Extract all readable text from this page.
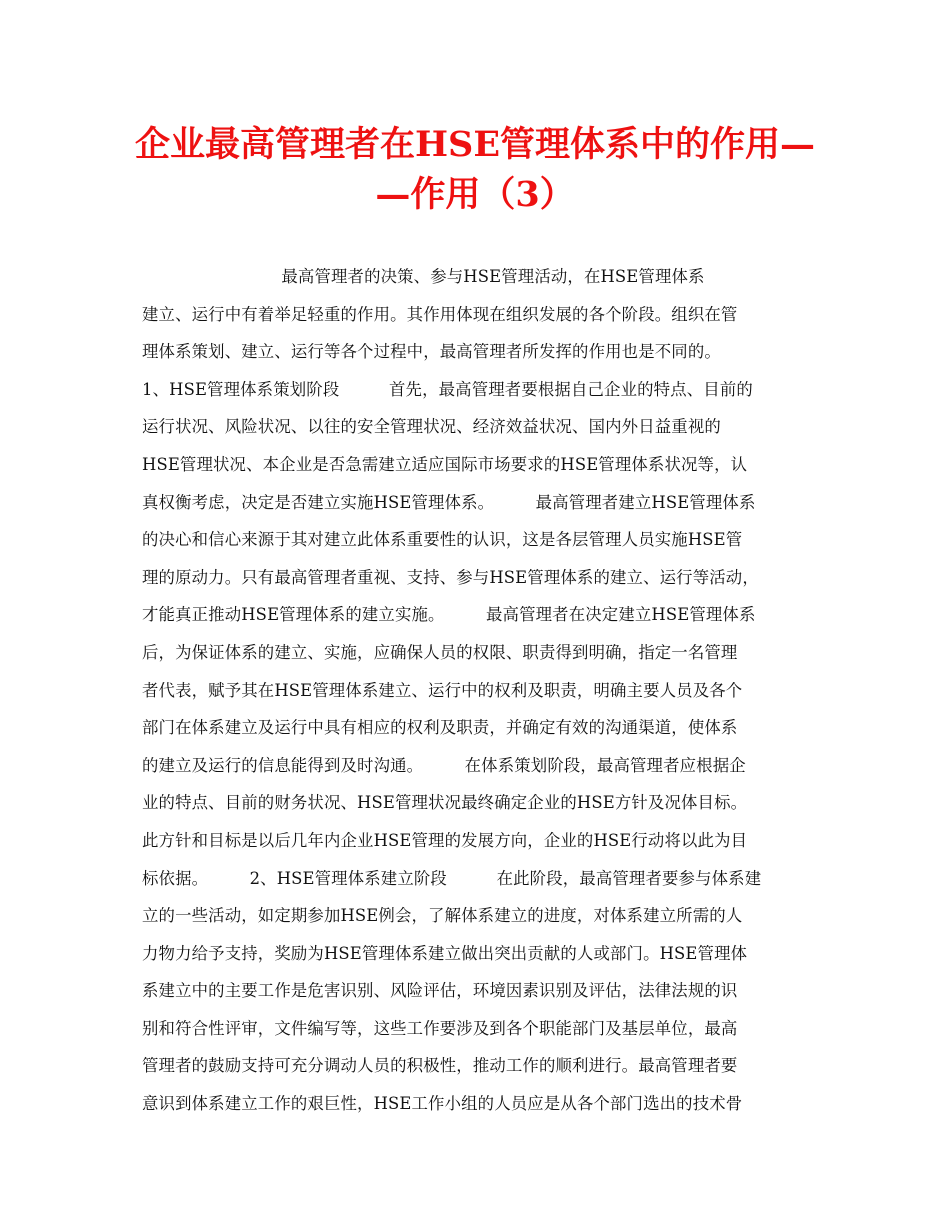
企业最高管理者在HSE管理体系中的作用—
—作用（3）
最高管理者的决策、参与HSE管理活动，在HSE管理体系
建立、运行中有着举足轻重的作用。其作用体现在组织发展的各个阶段。组织在管
理体系策划、建立、运行等各个过程中，最高管理者所发挥的作用也是不同的。
1、HSE管理体系策划阶段　　　首先，最高管理者要根据自己企业的特点、目前的
运行状况、风险状况、以往的安全管理状况、经济效益状况、国内外日益重视的
HSE管理状况、本企业是否急需建立适应国际市场要求的HSE管理体系状况等，认
真权衡考虑，决定是否建立实施HSE管理体系。　　　最高管理者建立HSE管理体系
的决心和信心来源于其对建立此体系重要性的认识，这是各层管理人员实施HSE管
理的原动力。只有最高管理者重视、支持、参与HSE管理体系的建立、运行等活动，
才能真正推动HSE管理体系的建立实施。　　　最高管理者在决定建立HSE管理体系
后，为保证体系的建立、实施，应确保人员的权限、职责得到明确，指定一名管理
者代表，赋予其在HSE管理体系建立、运行中的权利及职责，明确主要人员及各个
部门在体系建立及运行中具有相应的权利及职责，并确定有效的沟通渠道，使体系
的建立及运行的信息能得到及时沟通。　　　在体系策划阶段，最高管理者应根据企
业的特点、目前的财务状况、HSE管理状况最终确定企业的HSE方针及况体目标。
此方针和目标是以后几年内企业HSE管理的发展方向，企业的HSE行动将以此为目
标依据。　　　2、HSE管理体系建立阶段　　　在此阶段，最高管理者要参与体系建
立的一些活动，如定期参加HSE例会，了解体系建立的进度，对体系建立所需的人
力物力给予支持，奖励为HSE管理体系建立做出突出贡献的人或部门。HSE管理体
系建立中的主要工作是危害识别、风险评估，环境因素识别及评估，法律法规的识
别和符合性评审，文件编写等，这些工作要涉及到各个职能部门及基层单位，最高
管理者的鼓励支持可充分调动人员的积极性，推动工作的顺利进行。最高管理者要
意识到体系建立工作的艰巨性，HSE工作小组的人员应是从各个部门选出的技术骨
